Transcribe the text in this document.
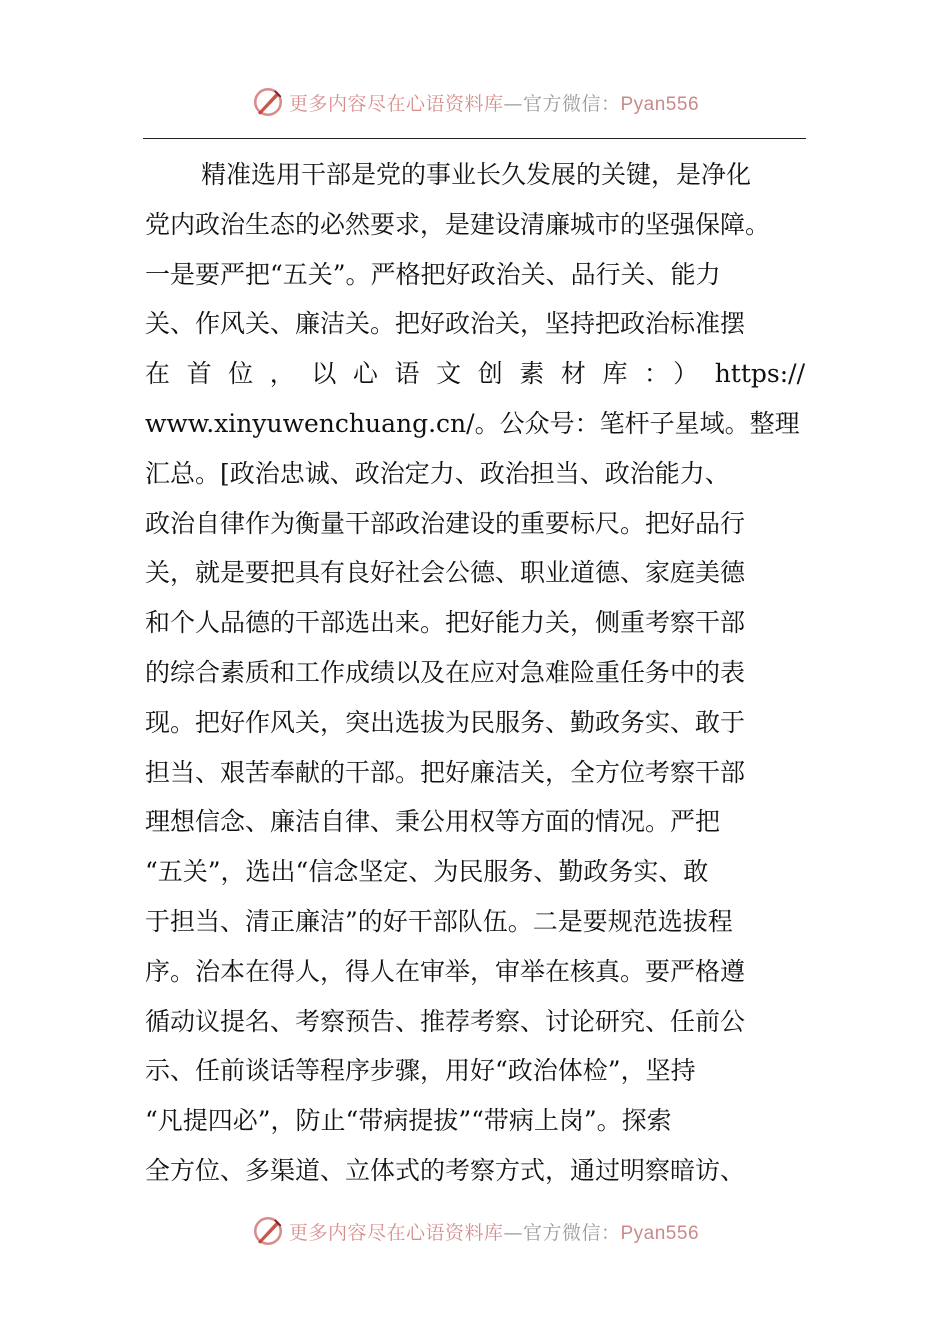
更多内容尽在心语资料库—官方微信：Pyan556
精准选用干部是党的事业长久发展的关键，是净化
党内政治生态的必然要求，是建设清廉城市的坚强保障。
一是要严把“五关”。严格把好政治关、品行关、能力
关、作风关、廉洁关。把好政治关，坚持把政治标准摆
在首位，以心语文创素材库：）https://
www.xinyuwenchuang.cn/。公众号：笔杆子星域。整理
汇总。[政治忠诚、政治定力、政治担当、政治能力、
政治自律作为衡量干部政治建设的重要标尺。把好品行
关，就是要把具有良好社会公德、职业道德、家庭美德
和个人品德的干部选出来。把好能力关，侧重考察干部
的综合素质和工作成绩以及在应对急难险重任务中的表
现。把好作风关，突出选拔为民服务、勤政务实、敢于
担当、艰苦奉献的干部。把好廉洁关，全方位考察干部
理想信念、廉洁自律、秉公用权等方面的情况。严把
“五关”，选出“信念坚定、为民服务、勤政务实、敢
于担当、清正廉洁”的好干部队伍。二是要规范选拔程
序。治本在得人，得人在审举，审举在核真。要严格遵
循动议提名、考察预告、推荐考察、讨论研究、任前公
示、任前谈话等程序步骤，用好“政治体检”，坚持
“凡提四必”，防止“带病提拔”“带病上岗”。探索
全方位、多渠道、立体式的考察方式，通过明察暗访、
更多内容尽在心语资料库—官方微信：Pyan556
